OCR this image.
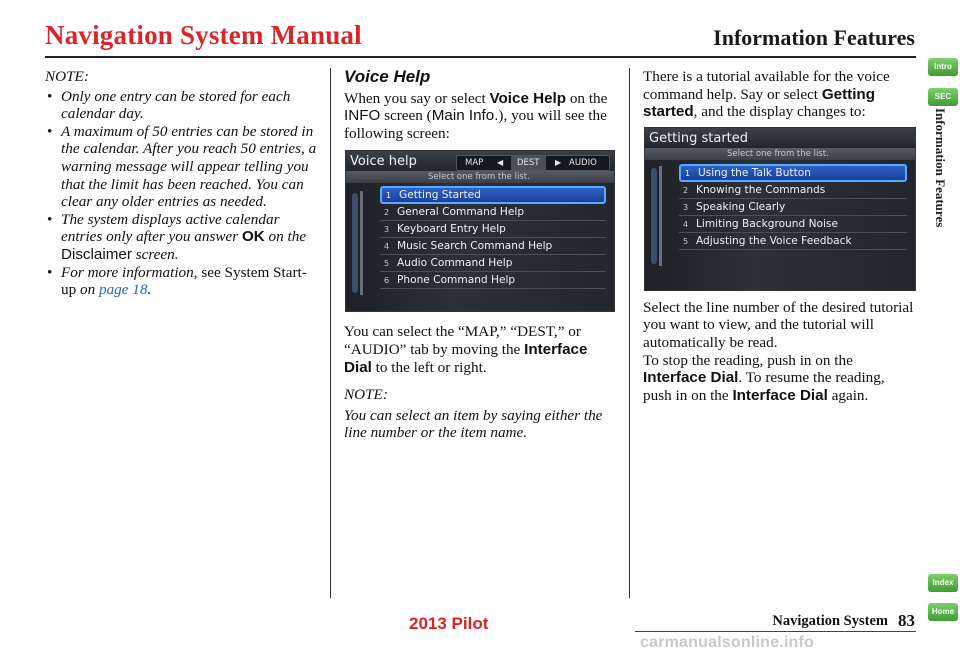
Navigation System Manual	Information Features
NOTE:
• Only one entry can be stored for each calendar day.
• A maximum of 50 entries can be stored in the calendar. After you reach 50 entries, a warning message will appear telling you that the limit has been reached. You can clear any older entries as needed.
• The system displays active calendar entries only after you answer OK on the Disclaimer screen.
• For more information, see System Start-up on page 18.
Voice Help

When you say or select Voice Help on the INFO screen (Main Info.), you will see the following screen:

You can select the “MAP,” “DEST,” or “AUDIO” tab by moving the Interface Dial to the left or right.

NOTE:
You can select an item by saying either the line number or the item name.
Voice help	MAP ◀	DEST	▶ AUDIO
Select one from the list.
1 Getting Started
2 General Command Help
3 Keyboard Entry Help
4 Music Search Command Help
5 Audio Command Help
6 Phone Command Help

There is a tutorial available for the voice command help. Say or select Getting started, and the display changes to:

Select the line number of the desired tutorial you want to view, and the tutorial will automatically be read.

To stop the reading, push in on the Interface Dial. To resume the reading, push in on the Interface Dial again.

Getting started
Select one from the list.
1 Using the Talk Button
2 Knowing the Commands
3 Speaking Clearly
4 Limiting Background Noise
5 Adjusting the Voice Feedback
Intro
SEC
Information Features
Index
Home
Navigation System 83
2013 Pilot
carmanualsonline.info
